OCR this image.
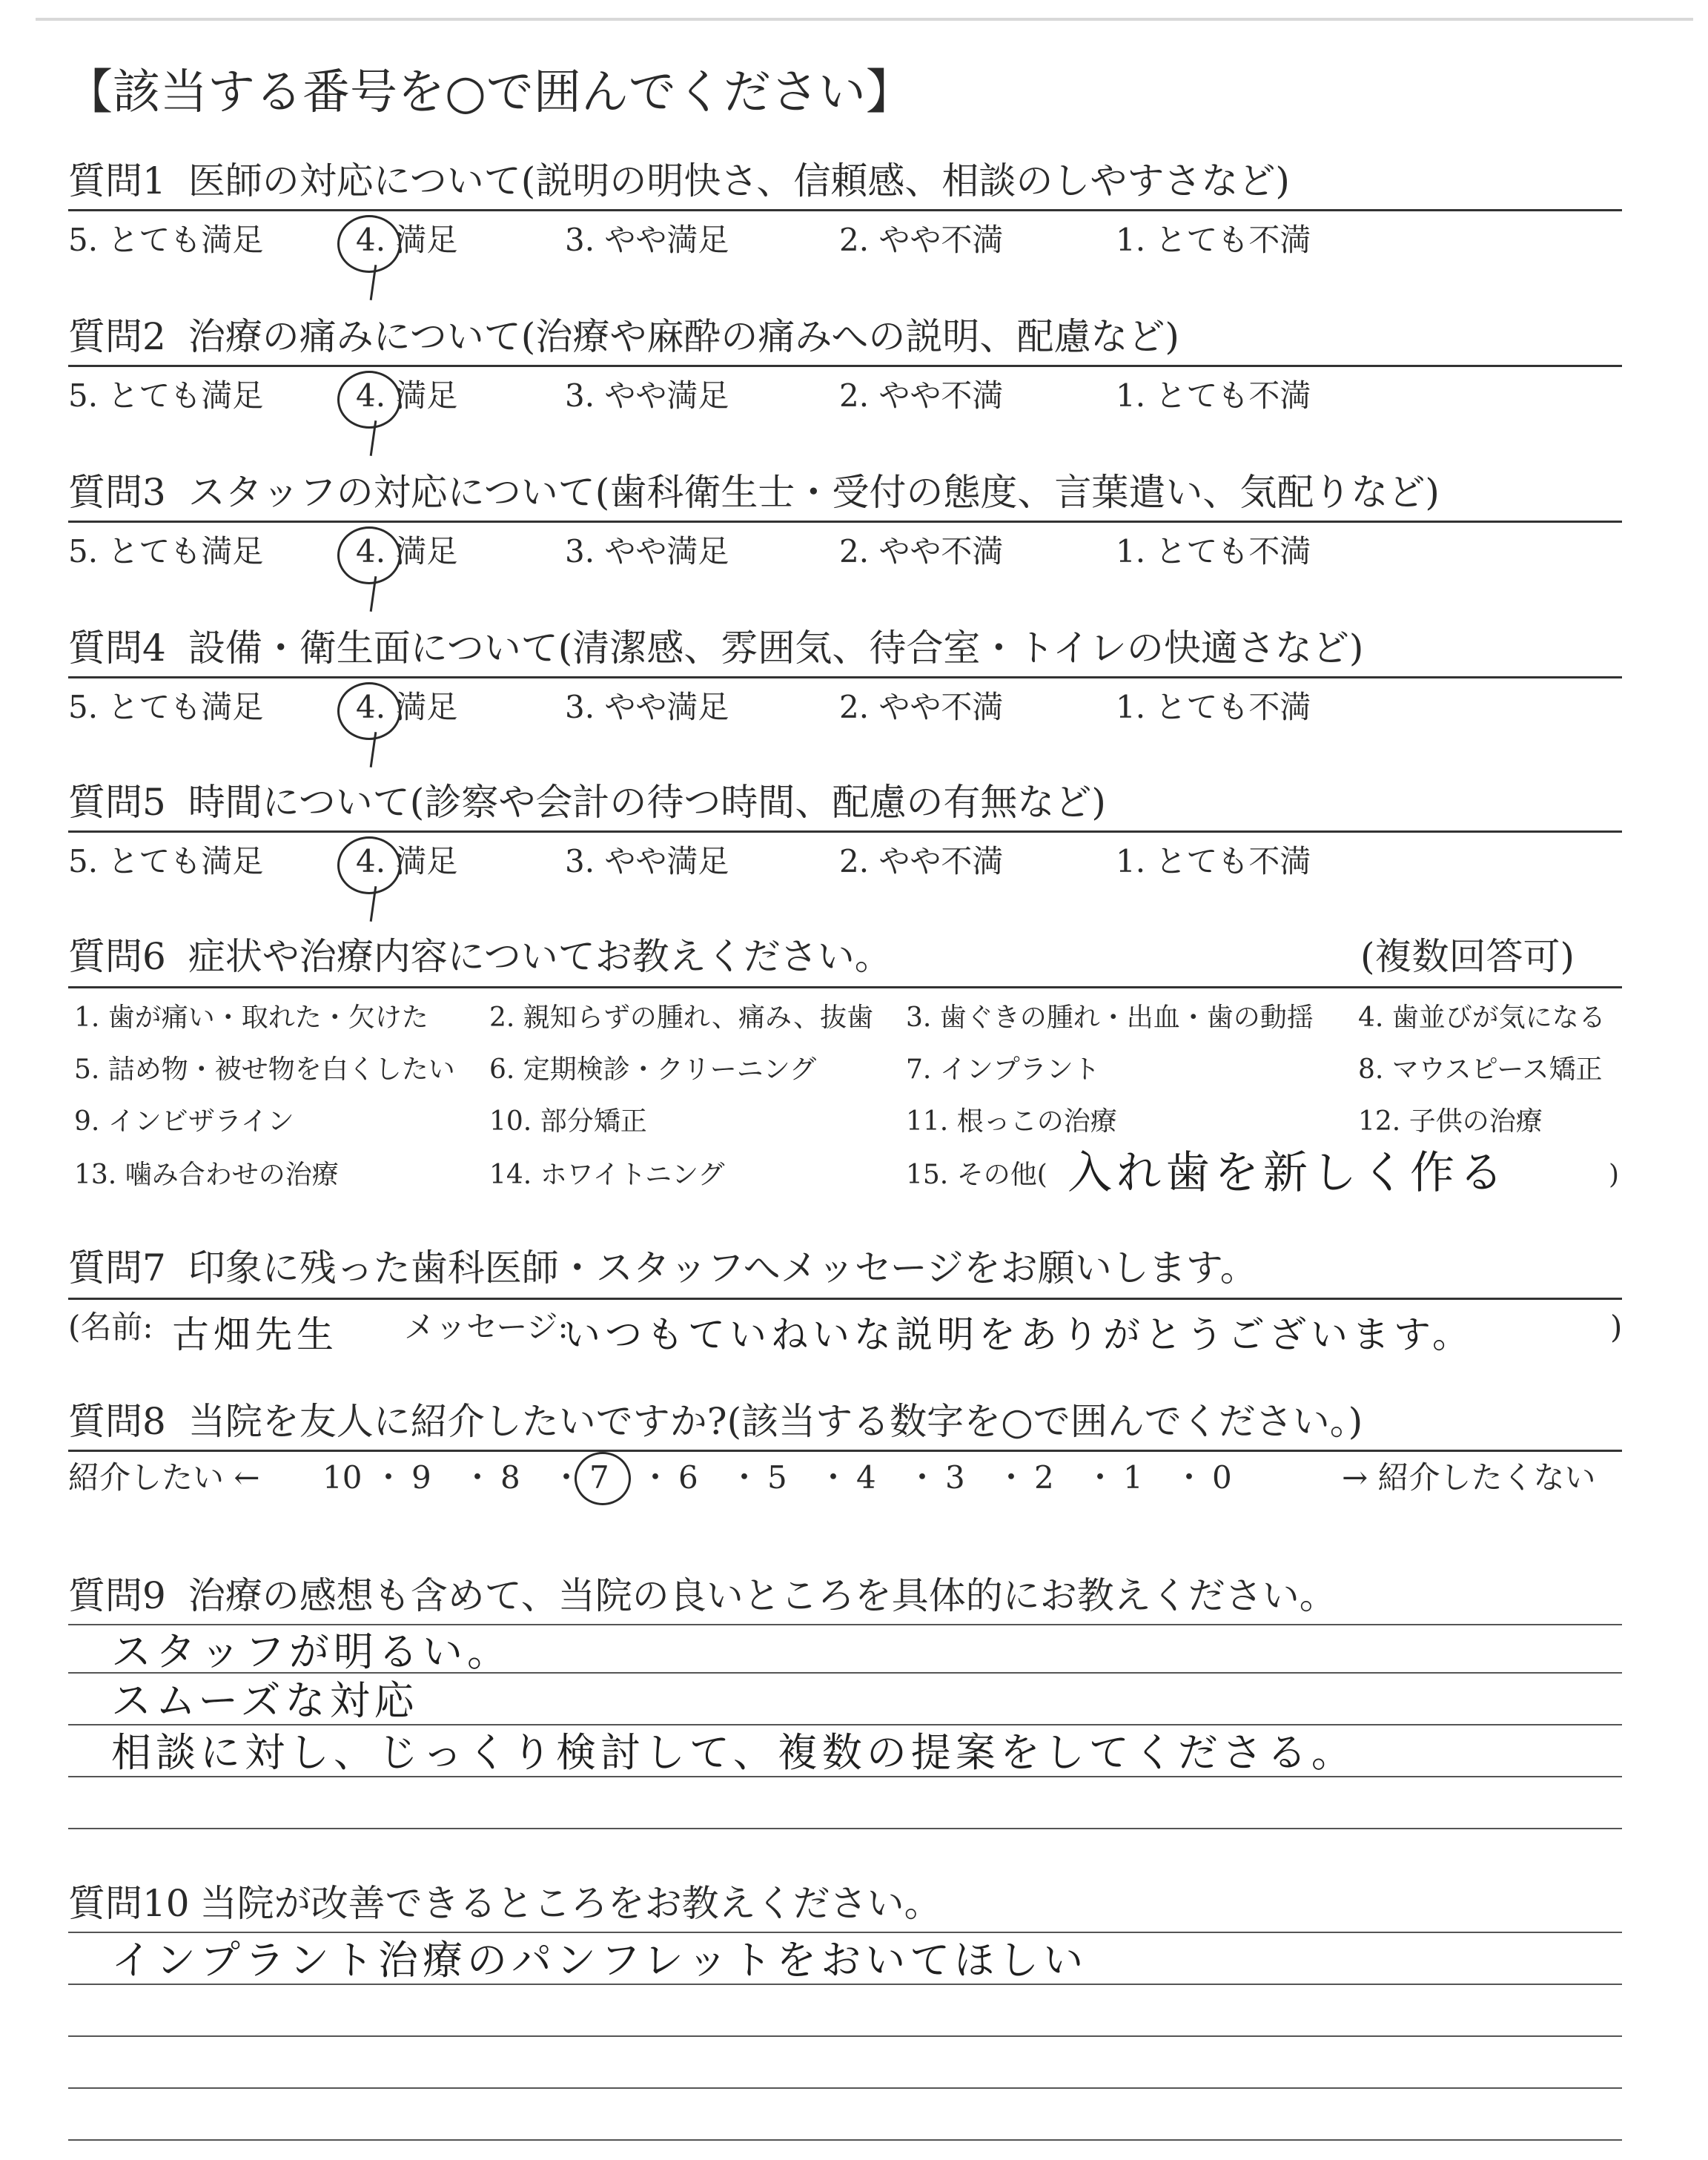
【該当する番号を○で囲んでください】
質問1 医師の対応について(説明の明快さ、信頼感、相談のしやすさなど)
5. とても満足	4. 満足	3. やや満足	2. やや不満	1. とても不満
質問2 治療の痛みについて(治療や麻酔の痛みへの説明、配慮など)
5. とても満足	4. 満足	3. やや満足	2. やや不満	1. とても不満
質問3 スタッフの対応について(歯科衛生士・受付の態度、言葉遣い、気配りなど)
5. とても満足	4. 満足	3. やや満足	2. やや不満	1. とても不満
質問4 設備・衛生面について(清潔感、雰囲気、待合室・トイレの快適さなど)
5. とても満足	4. 満足	3. やや満足	2. やや不満	1. とても不満
質問5 時間について(診察や会計の待つ時間、配慮の有無など)
5. とても満足	4. 満足	3. やや満足	2. やや不満	1. とても不満
質問6 症状や治療内容についてお教えください。	(複数回答可)
1. 歯が痛い・取れた・欠けた 2. 親知らずの腫れ、痛み、抜歯 3. 歯ぐきの腫れ・出血・歯の動揺 4. 歯並びが気になる
5. 詰め物・被せ物を白くしたい 6. 定期検診・クリーニング	7. インプラント	8. マウスピース矯正
9. インビザライン	10. 部分矯正	11. 根っこの治療	12. 子供の治療
13. 噛み合わせの治療	14. ホワイトニング	15. その他( 入れ歯を新しく作る	)
質問7 印象に残った歯科医師・スタッフへメッセージをお願いします。
(名前: 古畑先生 メッセージ:
いつもていねいな説明をありがとうございます。	)
質問8 当院を友人に紹介したいですか?(該当する数字を○で囲んでください。)
紹介したい ← 10 ・ 9 ・ 8 ・ 7 ・ 6 ・ 5 ・ 4 ・ 3 ・ 2 ・ 1 ・ 0	→ 紹介したくない
質問9 治療の感想も含めて、当院の良いところを具体的にお教えください。
スタッフが明るい。
スムーズな対応
相談に対し、じっくり検討して、複数の提案をしてくださる。
質問10 当院が改善できるところをお教えください。
インプラント治療のパンフレットをおいてほしい
